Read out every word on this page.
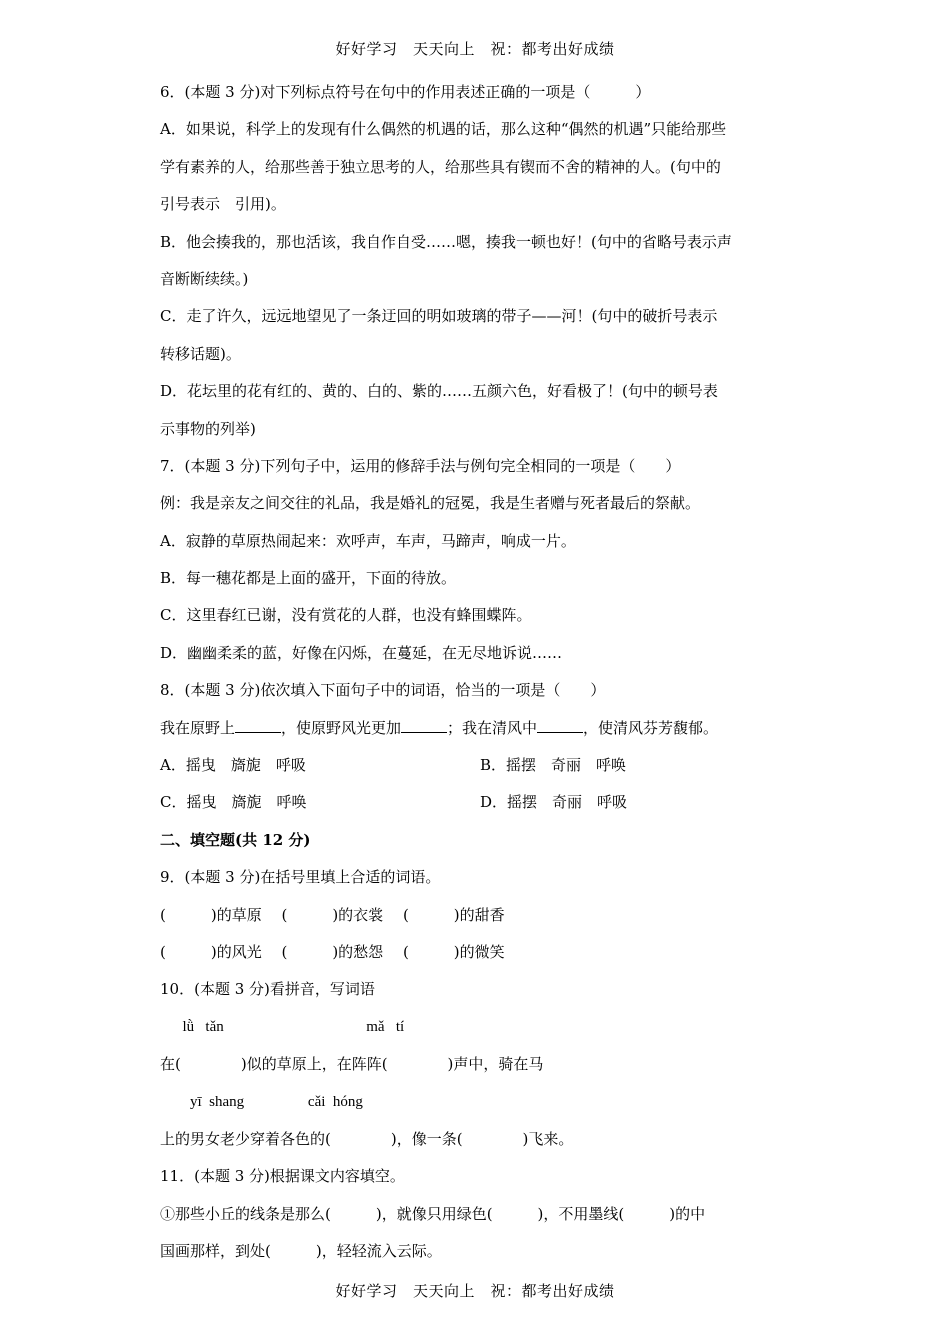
好好学习　天天向上　祝：都考出好成绩
6．(本题 3 分)对下列标点符号在句中的作用表述正确的一项是（　　　）
A．如果说，科学上的发现有什么偶然的机遇的话，那么这种“偶然的机遇”只能给那些
学有素养的人，给那些善于独立思考的人，给那些具有锲而不舍的精神的人。(句中的
引号表示　引用)。
B．他会揍我的，那也活该，我自作自受……嗯，揍我一顿也好！(句中的省略号表示声
音断断续续。)
C．走了许久，远远地望见了一条迂回的明如玻璃的带子——河！(句中的破折号表示
转移话题)。
D．花坛里的花有红的、黄的、白的、紫的……五颜六色，好看极了！(句中的顿号表
示事物的列举)
7．(本题 3 分)下列句子中，运用的修辞手法与例句完全相同的一项是（　　）
例：我是亲友之间交往的礼品，我是婚礼的冠冕，我是生者赠与死者最后的祭献。
A．寂静的草原热闹起来：欢呼声，车声，马蹄声，响成一片。
B．每一穗花都是上面的盛开，下面的待放。
C．这里春红已谢，没有赏花的人群，也没有蜂围蝶阵。
D．幽幽柔柔的蓝，好像在闪烁，在蔓延，在无尽地诉说……
8．(本题 3 分)依次填入下面句子中的词语，恰当的一项是（　　）
我在原野上	，使原野风光更加	；我在清风中	，使清风芬芳馥郁。
A．摇曳　旖旎　呼吸	B．摇摆　奇丽　呼唤
C．摇曳　旖旎　呼唤	D．摇摆　奇丽　呼吸
二、填空题(共 12 分)
9．(本题 3 分)在括号里填上合适的词语。
(　　　)的草原　 (　　　)的衣裳　 (　　　)的甜香
(　　　)的风光　 (　　　)的愁怨　 (　　　)的微笑
10．(本题 3 分)看拼音，写词语
lǜ   tǎn                                      mǎ   tí
在(　　　　)似的草原上，在阵阵(　　　　)声中，骑在马
yī  shang                 cǎi  hóng
上的男女老少穿着各色的(　　　　)，像一条(　　　　)飞来。
11．(本题 3 分)根据课文内容填空。
①那些小丘的线条是那么(　　　)，就像只用绿色(　　　)，不用墨线(　　　)的中
国画那样，到处(　　　)，轻轻流入云际。
好好学习　天天向上　祝：都考出好成绩
